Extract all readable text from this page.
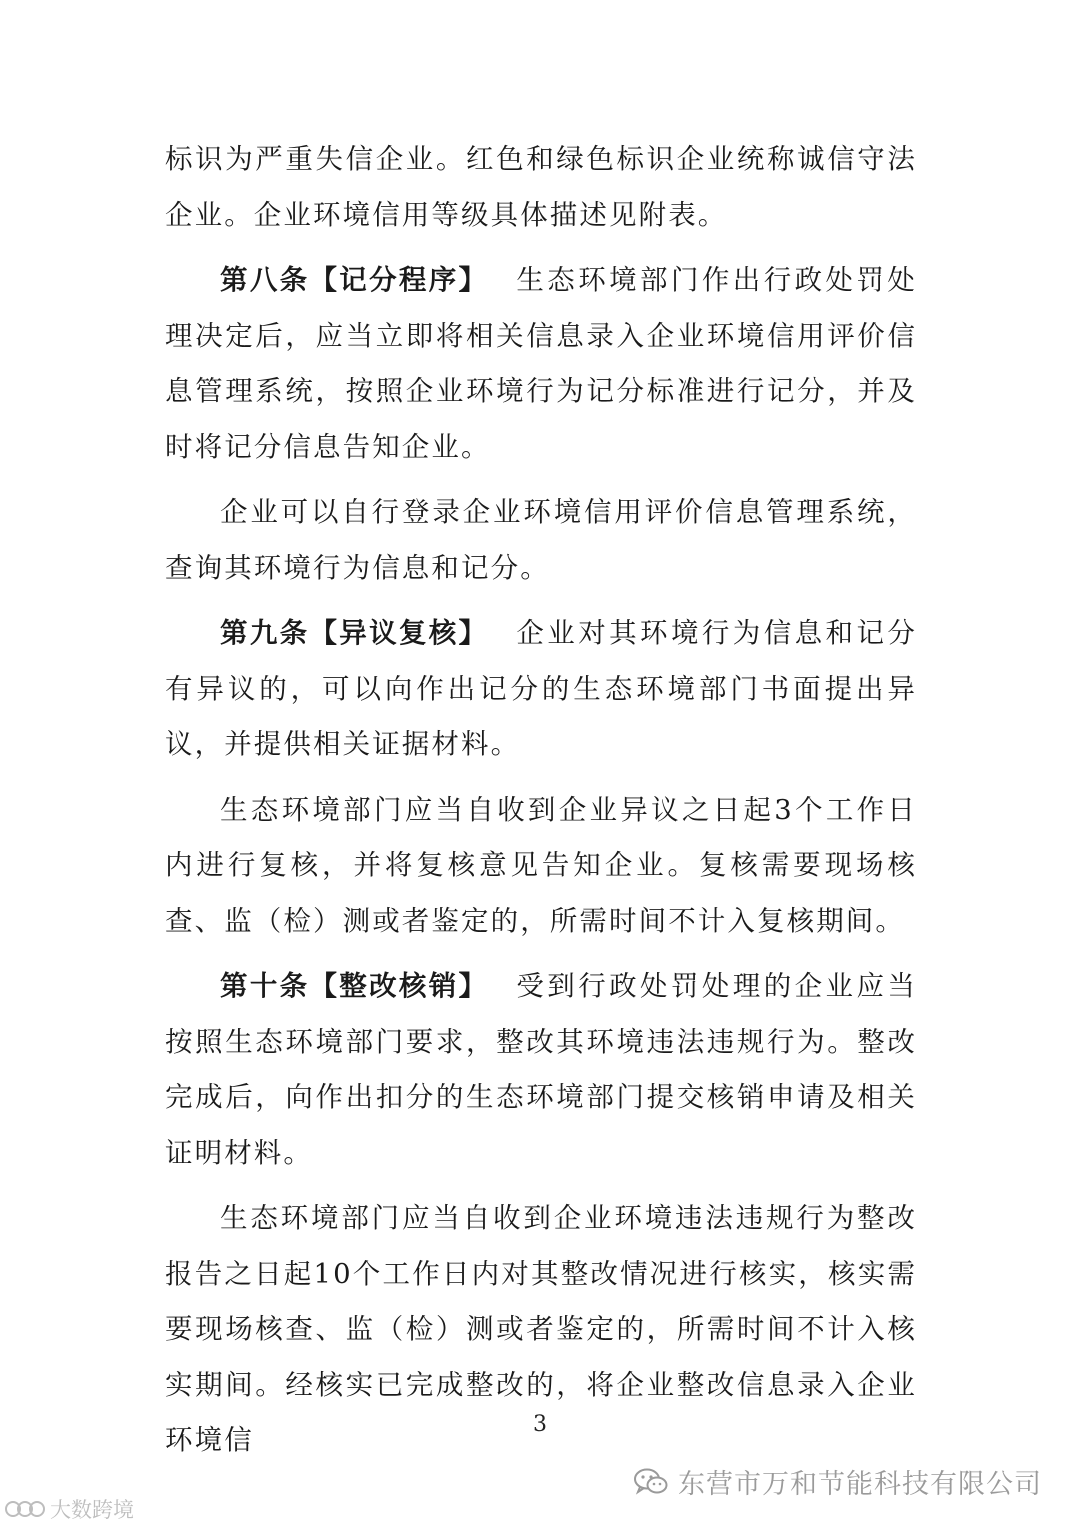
标识为严重失信企业。红色和绿色标识企业统称诚信守法企业。企业环境信用等级具体描述见附表。

第八条【记分程序】 生态环境部门作出行政处罚处理决定后，应当立即将相关信息录入企业环境信用评价信息管理系统，按照企业环境行为记分标准进行记分，并及时将记分信息告知企业。

企业可以自行登录企业环境信用评价信息管理系统，查询其环境行为信息和记分。

第九条【异议复核】 企业对其环境行为信息和记分有异议的，可以向作出记分的生态环境部门书面提出异议，并提供相关证据材料。

生态环境部门应当自收到企业异议之日起3个工作日内进行复核，并将复核意见告知企业。复核需要现场核查、监（检）测或者鉴定的，所需时间不计入复核期间。

第十条【整改核销】 受到行政处罚处理的企业应当按照生态环境部门要求，整改其环境违法违规行为。整改完成后，向作出扣分的生态环境部门提交核销申请及相关证明材料。

生态环境部门应当自收到企业环境违法违规行为整改报告之日起10个工作日内对其整改情况进行核实，核实需要现场核查、监（检）测或者鉴定的，所需时间不计入核实期间。经核实已完成整改的，将企业整改信息录入企业环境信	3
东营市万和节能科技有限公司
大数跨境
